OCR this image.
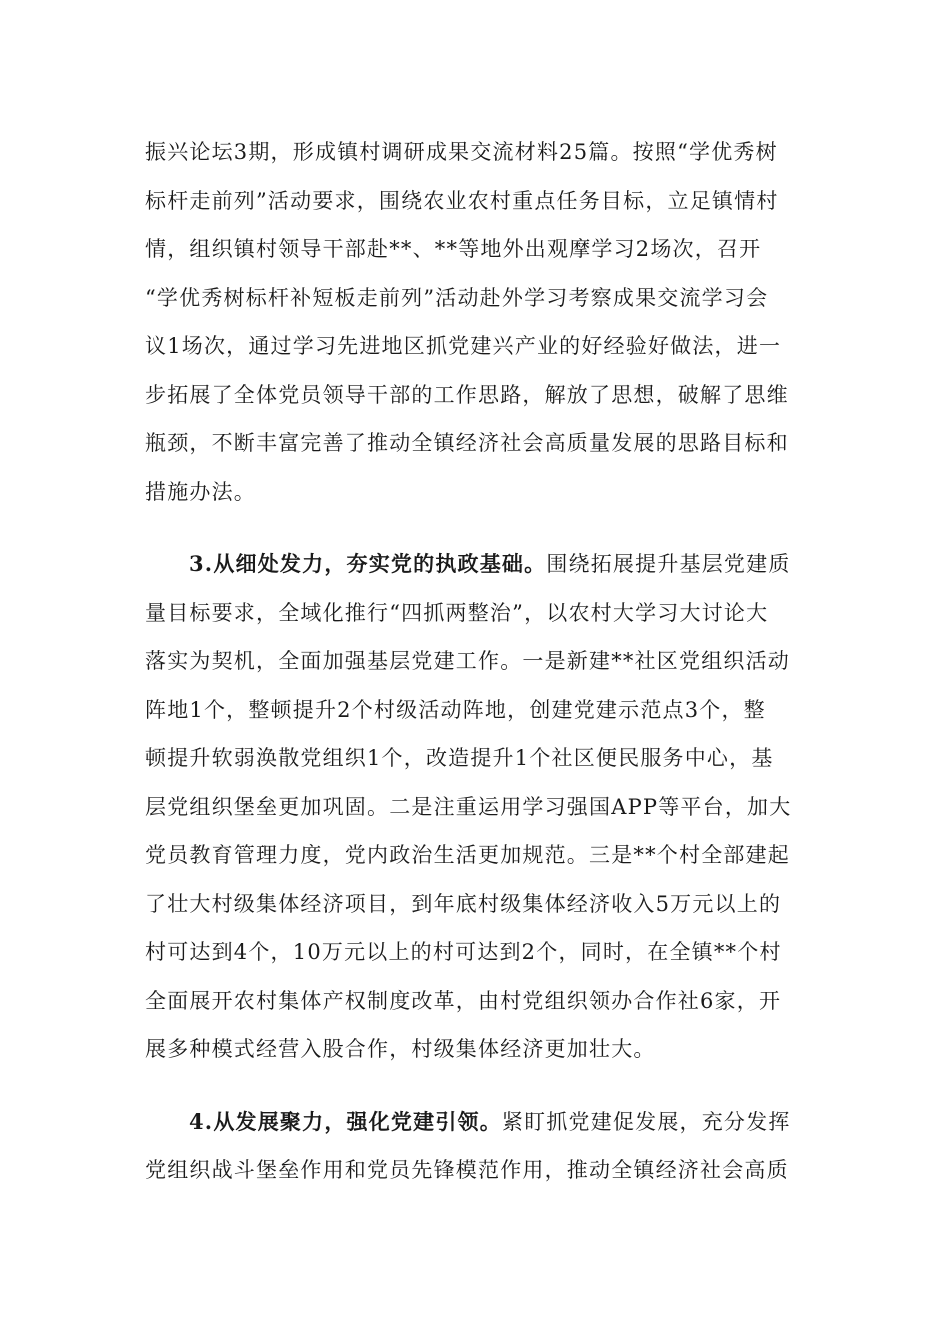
振兴论坛3期，形成镇村调研成果交流材料25篇。按照“学优秀树
标杆走前列”活动要求，围绕农业农村重点任务目标，立足镇情村
情，组织镇村领导干部赴**、**等地外出观摩学习2场次，召开
“学优秀树标杆补短板走前列”活动赴外学习考察成果交流学习会
议1场次，通过学习先进地区抓党建兴产业的好经验好做法，进一
步拓展了全体党员领导干部的工作思路，解放了思想，破解了思维
瓶颈，不断丰富完善了推动全镇经济社会高质量发展的思路目标和
措施办法。
3.从细处发力，夯实党的执政基础。围绕拓展提升基层党建质
量目标要求，全域化推行“四抓两整治”，以农村大学习大讨论大
落实为契机，全面加强基层党建工作。一是新建**社区党组织活动
阵地1个，整顿提升2个村级活动阵地，创建党建示范点3个，整
顿提升软弱涣散党组织1个，改造提升1个社区便民服务中心，基
层党组织堡垒更加巩固。二是注重运用学习强国APP等平台，加大
党员教育管理力度，党内政治生活更加规范。三是**个村全部建起
了壮大村级集体经济项目，到年底村级集体经济收入5万元以上的
村可达到4个，10万元以上的村可达到2个，同时，在全镇**个村
全面展开农村集体产权制度改革，由村党组织领办合作社6家，开
展多种模式经营入股合作，村级集体经济更加壮大。
4.从发展聚力，强化党建引领。紧盯抓党建促发展，充分发挥
党组织战斗堡垒作用和党员先锋模范作用，推动全镇经济社会高质
